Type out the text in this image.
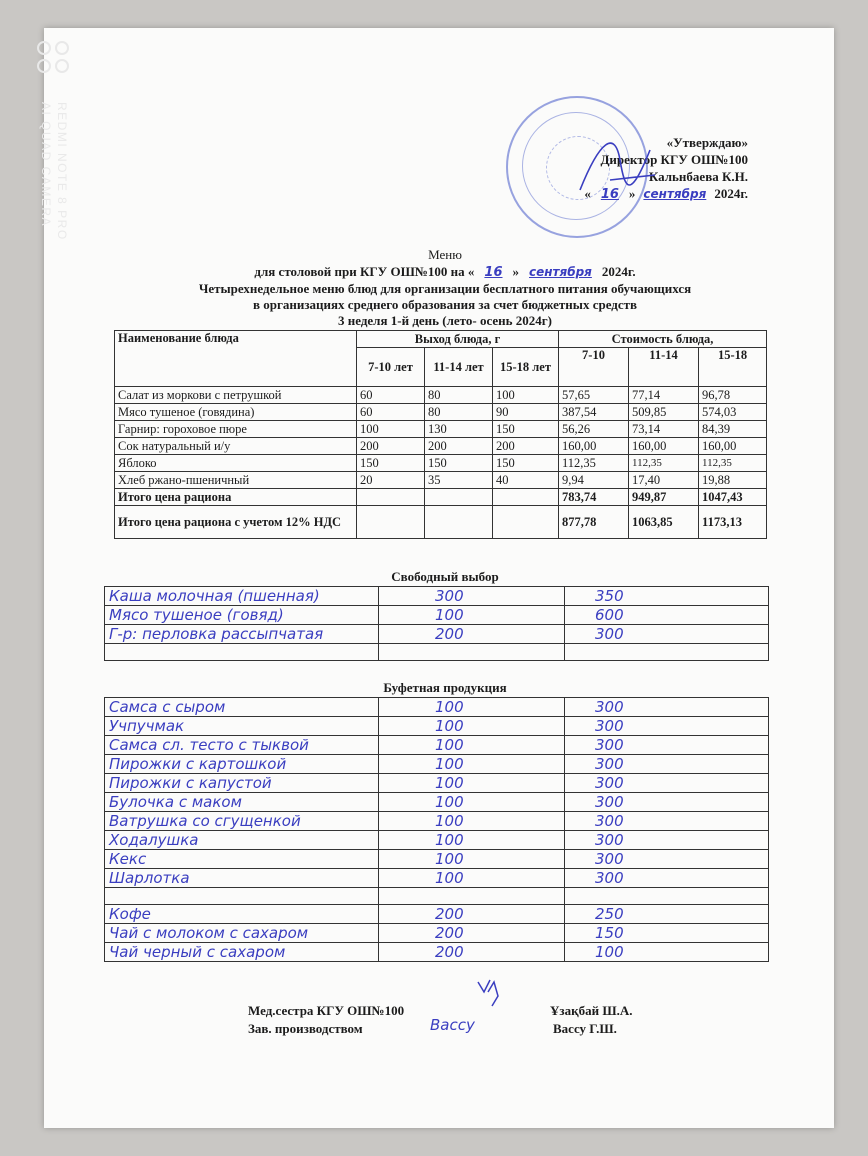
REDMI NOTE 8 PRO
AI QUAD CAMERA
«Утверждаю»
Директор КГУ ОШ№100
Кальнбаева К.Н.
« 16 » сентября 2024г.
Меню
для столовой при КГУ ОШ№100 на « 16 » сентября 2024г.
Четырехнедельное меню блюд для организации бесплатного питания обучающихся
в организациях среднего образования за счет бюджетных средств
3 неделя 1-й день (лето- осень 2024г)
Наименование блюда	Выход блюда, г			Стоимость блюда,		
	7-10 лет	11-14 лет	15-18 лет	7-10	11-14	15-18
Салат из моркови с петрушкой	60	80	100	57,65	77,14	96,78
Мясо тушеное (говядина)	60	80	90	387,54	509,85	574,03
Гарнир: гороховое пюре	100	130	150	56,26	73,14	84,39
Сок натуральный и/у	200	200	200	160,00	160,00	160,00
Яблоко	150	150	150	112,35	112,35	112,35
Хлеб ржано-пшеничный	20	35	40	9,94	17,40	19,88
Итого цена рациона				783,74	949,87	1047,43
Итого цена рациона с учетом 12% НДС				877,78	1063,85	1173,13
Свободный выбор
Каша молочная (пшенная)	300	350
Мясо тушеное (говяд)	100	600
Г-р: перловка рассыпчатая	200	300

Буфетная продукция
Самса с сыром	100	300
Учпучмак	100	300
Самса сл. тесто с тыквой	100	300
Пирожки с картошкой	100	300
Пирожки с капустой	100	300
Булочка с маком	100	300
Ватрушка со сгущенкой	100	300
Ходалушка	100	300
Кекс	100	300
Шарлотка	100	300

Кофе	200	250
Чай с молоком с сахаром	200	150
Чай черный с сахаром	200	100
Мед.сестра КГУ ОШ№100	Ұзақбай Ш.А.
Зав. производством	Вассу Г.Ш.
Вассу
